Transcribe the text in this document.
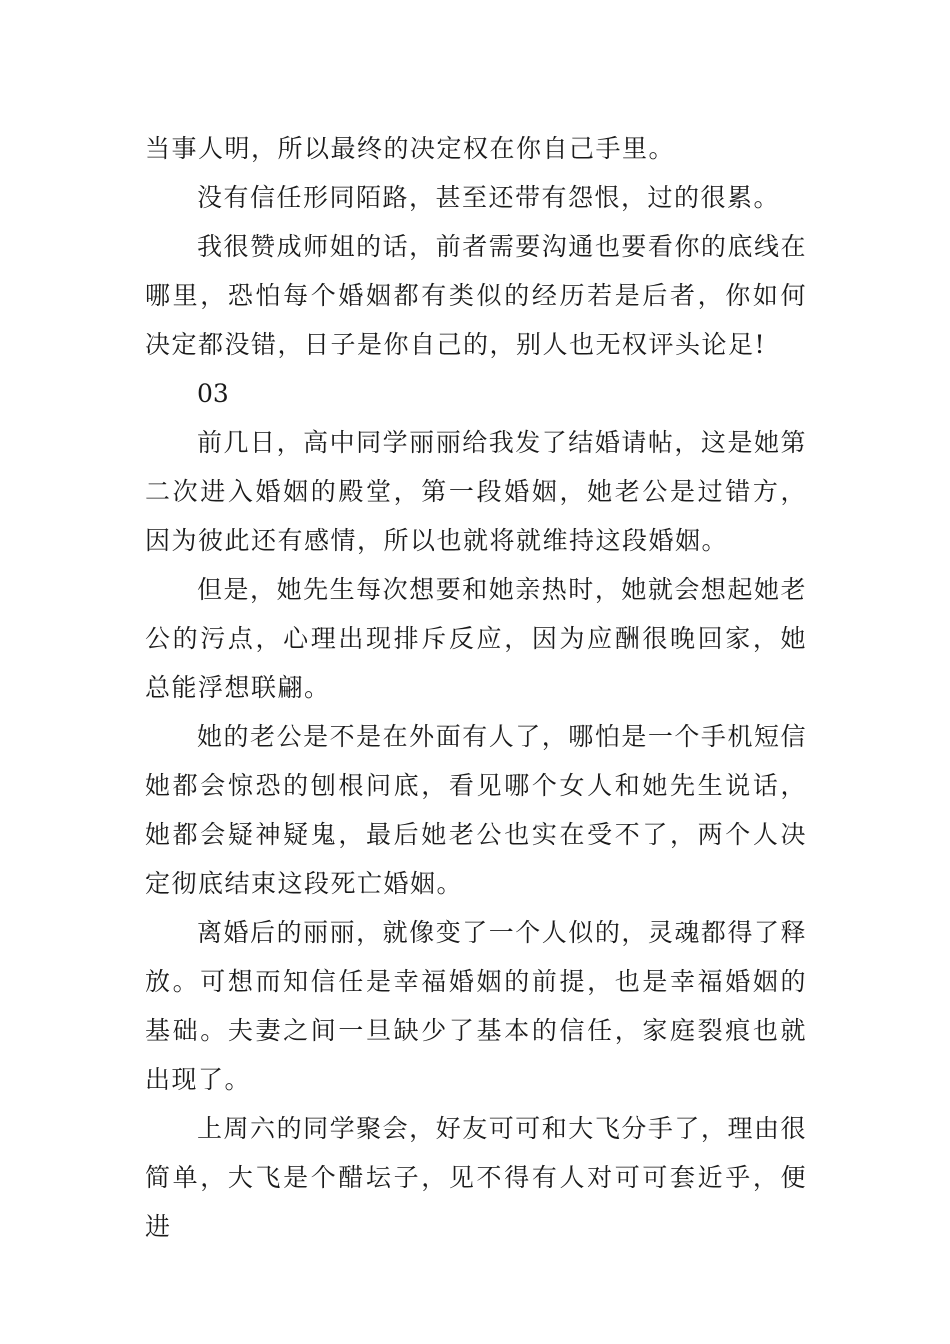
当事人明，所以最终的决定权在你自己手里。

没有信任形同陌路，甚至还带有怨恨，过的很累。

我很赞成师姐的话，前者需要沟通也要看你的底线在哪里，恐怕每个婚姻都有类似的经历若是后者，你如何决定都没错，日子是你自己的，别人也无权评头论足!

03

前几日，高中同学丽丽给我发了结婚请帖，这是她第二次进入婚姻的殿堂，第一段婚姻，她老公是过错方，因为彼此还有感情，所以也就将就维持这段婚姻。

但是，她先生每次想要和她亲热时，她就会想起她老公的污点，心理出现排斥反应，因为应酬很晚回家，她总能浮想联翩。

她的老公是不是在外面有人了，哪怕是一个手机短信她都会惊恐的刨根问底，看见哪个女人和她先生说话，她都会疑神疑鬼，最后她老公也实在受不了，两个人决定彻底结束这段死亡婚姻。

离婚后的丽丽，就像变了一个人似的，灵魂都得了释放。可想而知信任是幸福婚姻的前提，也是幸福婚姻的基础。夫妻之间一旦缺少了基本的信任，家庭裂痕也就出现了。

上周六的同学聚会，好友可可和大飞分手了，理由很简单，大飞是个醋坛子，见不得有人对可可套近乎，便进
